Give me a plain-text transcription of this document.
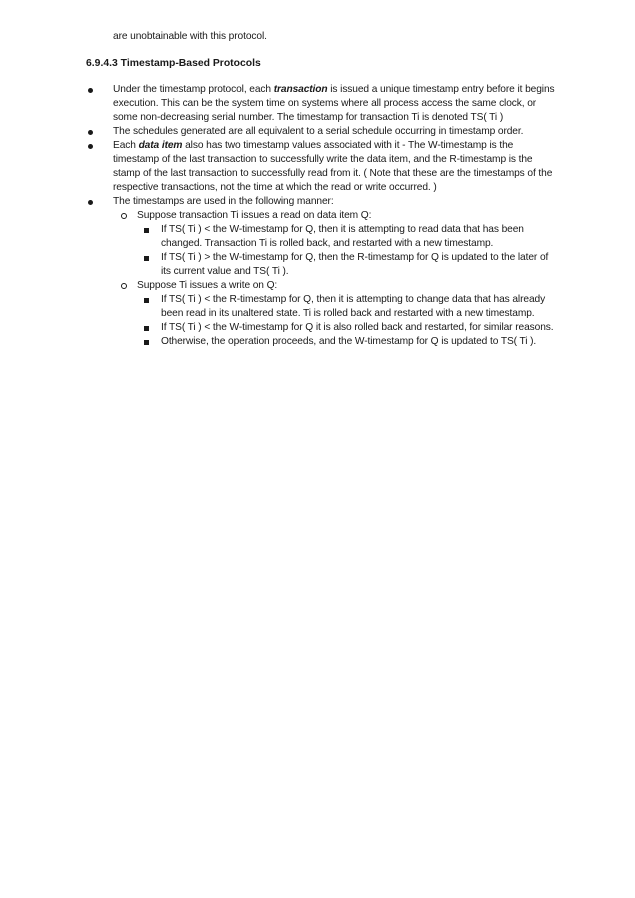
are unobtainable with this protocol.
6.9.4.3 Timestamp-Based Protocols
Under the timestamp protocol, each transaction is issued a unique timestamp entry before it begins execution. This can be the system time on systems where all process access the same clock, or some non-decreasing serial number. The timestamp for transaction Ti is denoted TS( Ti )
The schedules generated are all equivalent to a serial schedule occurring in timestamp order.
Each data item also has two timestamp values associated with it - The W-timestamp is the timestamp of the last transaction to successfully write the data item, and the R-timestamp is the stamp of the last transaction to successfully read from it. ( Note that these are the timestamps of the respective transactions, not the time at which the read or write occurred. )
The timestamps are used in the following manner:
Suppose transaction Ti issues a read on data item Q:
If TS( Ti ) < the W-timestamp for Q, then it is attempting to read data that has been changed. Transaction Ti is rolled back, and restarted with a new timestamp.
If TS( Ti ) > the W-timestamp for Q, then the R-timestamp for Q is updated to the later of its current value and TS( Ti ).
Suppose Ti issues a write on Q:
If TS( Ti ) < the R-timestamp for Q, then it is attempting to change data that has already been read in its unaltered state. Ti is rolled back and restarted with a new timestamp.
If TS( Ti ) < the W-timestamp for Q it is also rolled back and restarted, for similar reasons.
Otherwise, the operation proceeds, and the W-timestamp for Q is updated to TS( Ti ).
